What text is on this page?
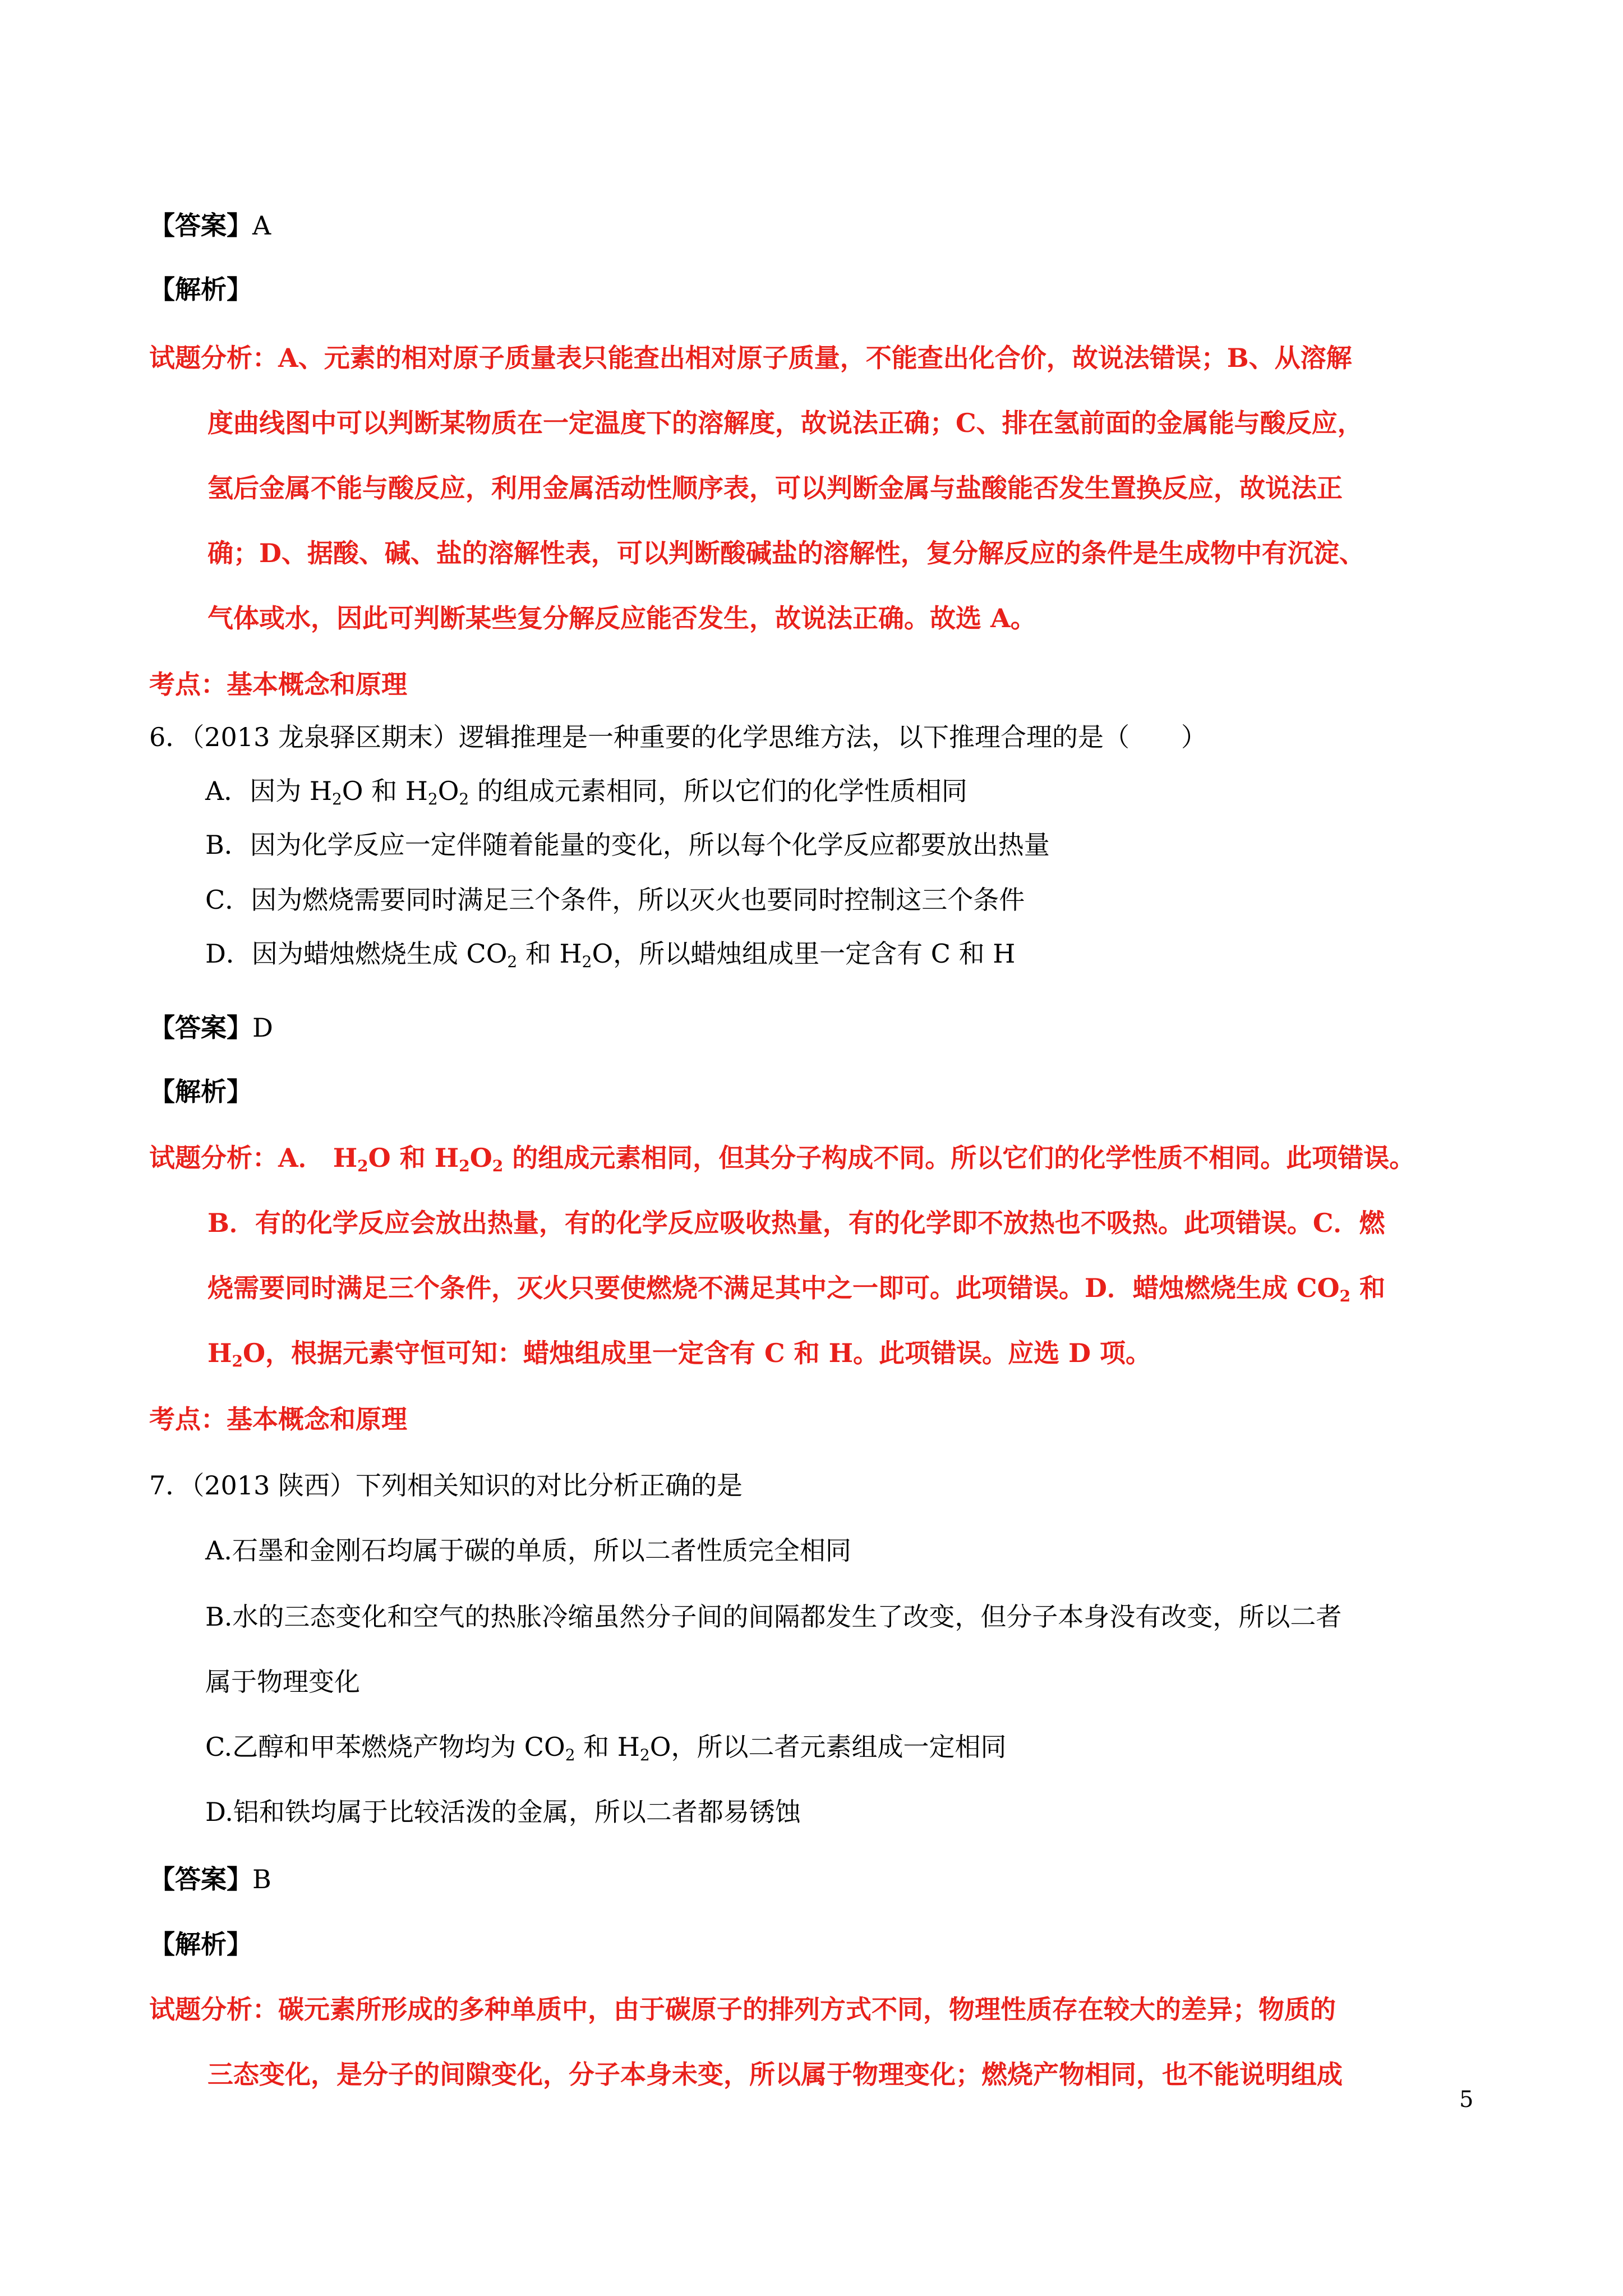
【答案】A
【解析】
试题分析：A、元素的相对原子质量表只能查出相对原子质量，不能查出化合价，故说法错误；B、从溶解
度曲线图中可以判断某物质在一定温度下的溶解度，故说法正确；C、排在氢前面的金属能与酸反应，
氢后金属不能与酸反应，利用金属活动性顺序表，可以判断金属与盐酸能否发生置换反应，故说法正
确；D、据酸、碱、盐的溶解性表，可以判断酸碱盐的溶解性，复分解反应的条件是生成物中有沉淀、
气体或水，因此可判断某些复分解反应能否发生，故说法正确。故选 A。
考点：基本概念和原理
6．（2013 龙泉驿区期末）逻辑推理是一种重要的化学思维方法，以下推理合理的是（　　）
A．因为 $H_2O$ 和 $H_2O_2$ 的组成元素相同，所以它们的化学性质相同
B．因为化学反应一定伴随着能量的变化，所以每个化学反应都要放出热量
C．因为燃烧需要同时满足三个条件，所以灭火也要同时控制这三个条件
D．因为蜡烛燃烧生成 $CO_2$ 和 $H_2O$，所以蜡烛组成里一定含有 C 和 H
【答案】D
【解析】
试题分析：A． $H_2O$ 和 $H_2O_2$ 的组成元素相同，但其分子构成不同。所以它们的化学性质不相同。此项错误。
B．有的化学反应会放出热量，有的化学反应吸收热量，有的化学即不放热也不吸热。此项错误。C．燃
烧需要同时满足三个条件，灭火只要使燃烧不满足其中之一即可。此项错误。D．蜡烛燃烧生成 $CO_2$ 和
$H_2O$，根据元素守恒可知：蜡烛组成里一定含有 C 和 H。此项错误。应选 D 项。
考点：基本概念和原理
7．（2013 陕西）下列相关知识的对比分析正确的是
A.石墨和金刚石均属于碳的单质，所以二者性质完全相同
B.水的三态变化和空气的热胀冷缩虽然分子间的间隔都发生了改变，但分子本身没有改变，所以二者
属于物理变化
C.乙醇和甲苯燃烧产物均为 $CO_2$ 和 $H_2O$，所以二者元素组成一定相同
D.铝和铁均属于比较活泼的金属，所以二者都易锈蚀
【答案】B
【解析】
试题分析：碳元素所形成的多种单质中，由于碳原子的排列方式不同，物理性质存在较大的差异；物质的
三态变化，是分子的间隙变化，分子本身未变，所以属于物理变化；燃烧产物相同，也不能说明组成
5
